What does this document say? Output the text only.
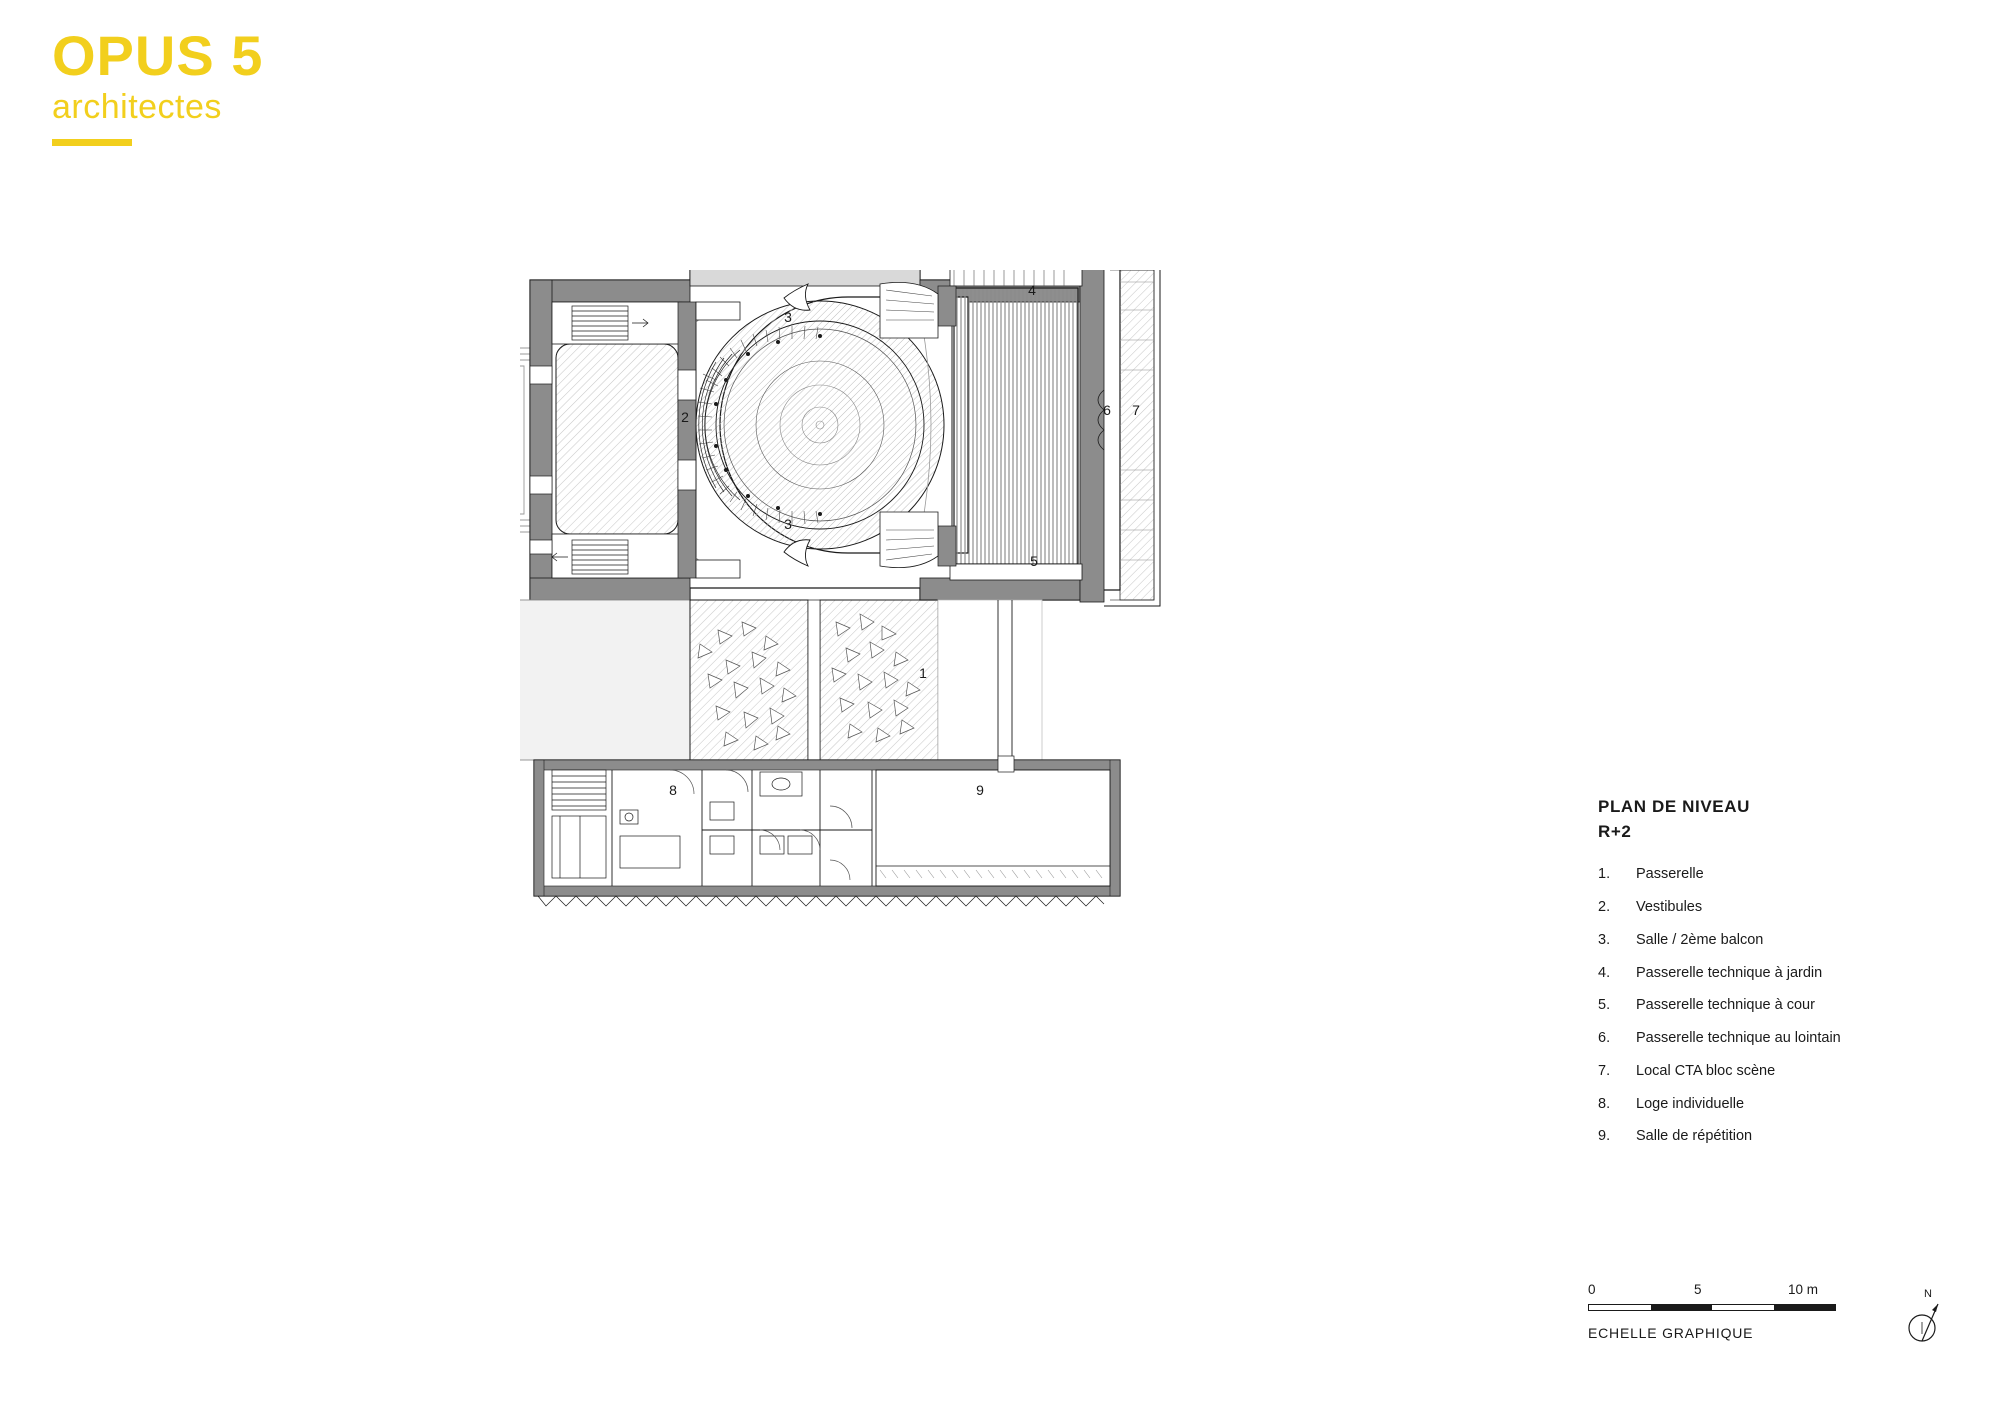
OPUS 5
architectes
1
2
3
3
4
5
6 7
8	9
PLAN DE NIVEAU
R+2
1.	Passerelle
2.	Vestibules
3.	Salle / 2ème balcon
4.	Passerelle technique à jardin
5.	Passerelle technique à cour
6.	Passerelle technique au lointain
7.	Local CTA bloc scène
8.	Loge individuelle
9.	Salle de répétition
0	5	10 m
ECHELLE GRAPHIQUE
N
